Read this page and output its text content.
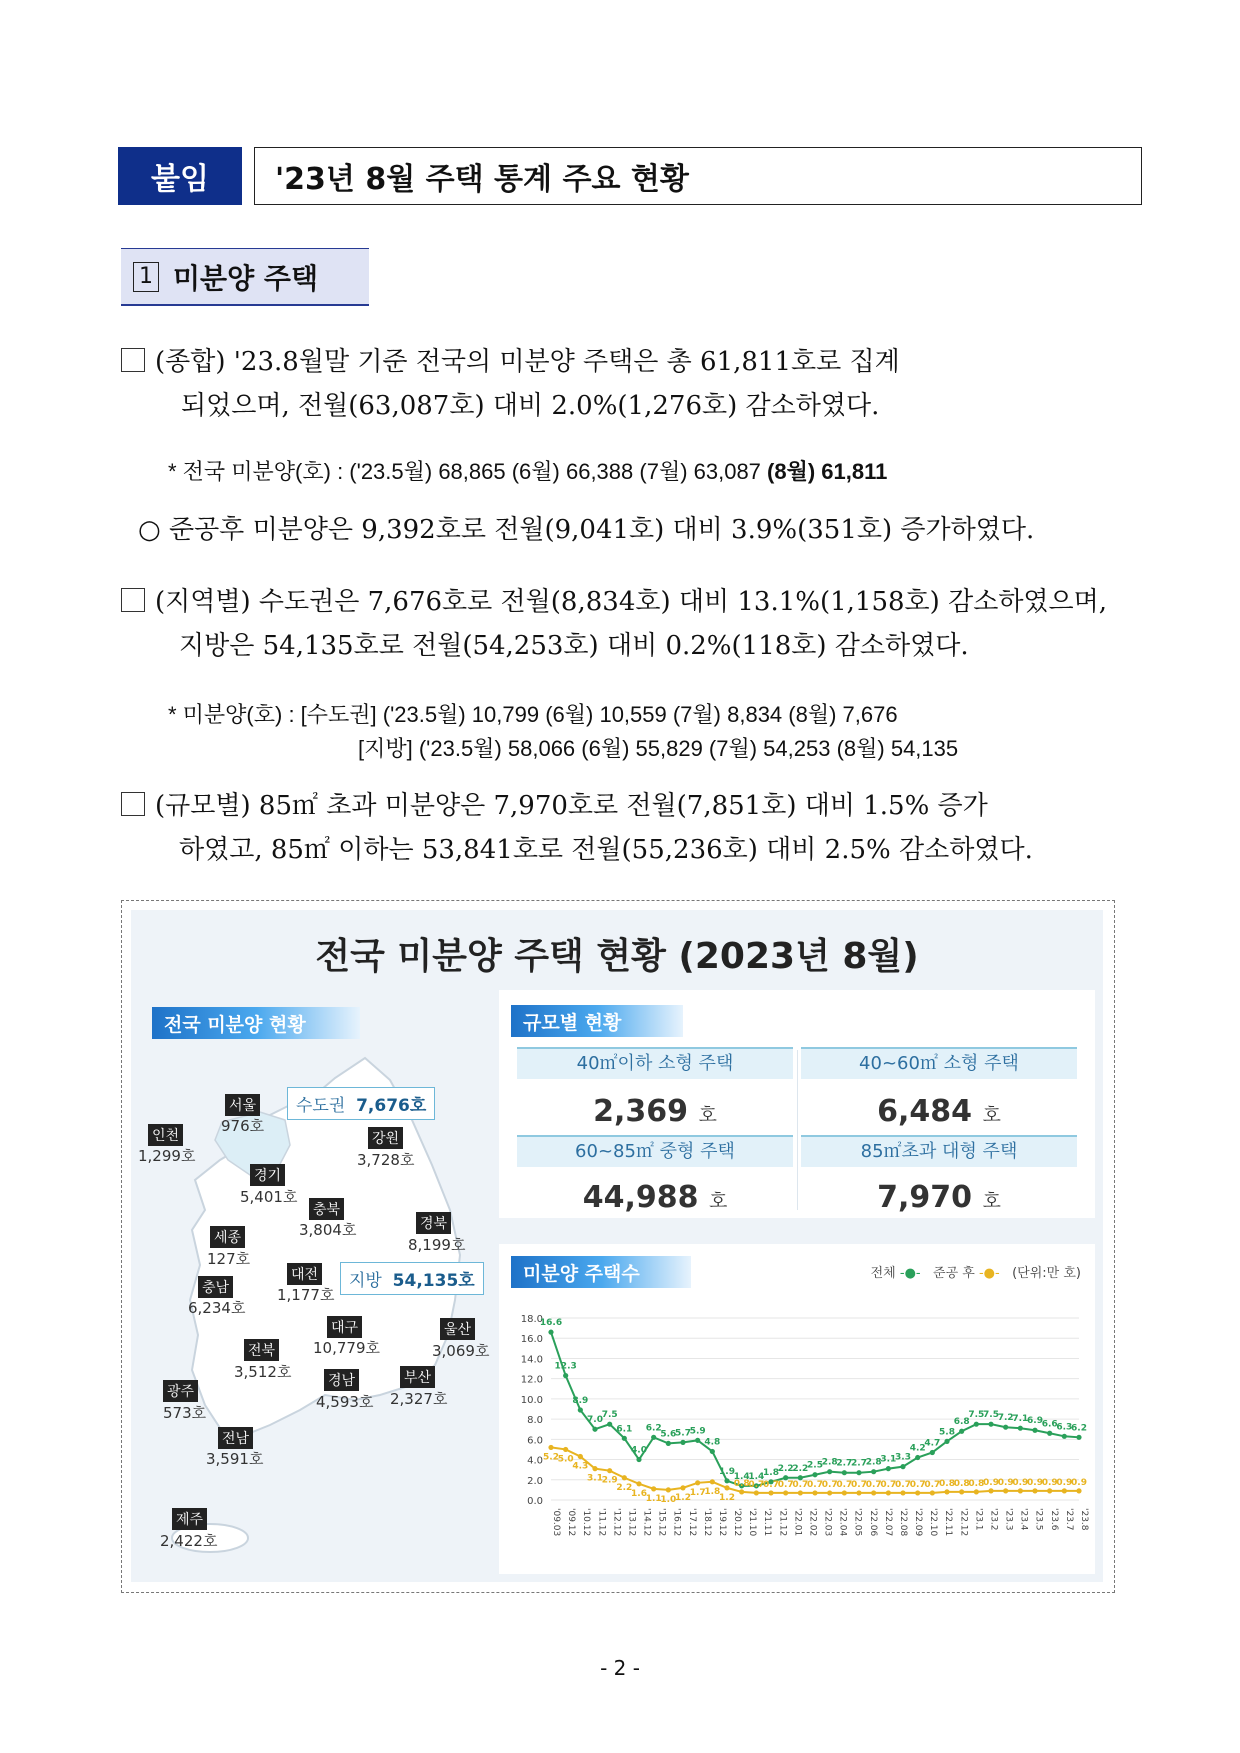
붙임	'23년 8월 주택 통계 주요 현황
1 미분양 주택
(종합) '23.8월말 기준 전국의 미분양 주택은 총 61,811호로 집계
되었으며, 전월(63,087호) 대비 2.0%(1,276호) 감소하였다.
* 전국 미분양(호) : ('23.5월) 68,865 (6월) 66,388 (7월) 63,087 (8월) 61,811
○ 준공후 미분양은 9,392호로 전월(9,041호) 대비 3.9%(351호) 증가하였다.
(지역별) 수도권은 7,676호로 전월(8,834호) 대비 13.1%(1,158호) 감소하였으며,
지방은 54,135호로 전월(54,253호) 대비 0.2%(118호) 감소하였다.
* 미분양(호) : [수도권] ('23.5월) 10,799 (6월) 10,559 (7월) 8,834 (8월) 7,676
[지방] ('23.5월) 58,066 (6월) 55,829 (7월) 54,253 (8월) 54,135
(규모별) 85㎡ 초과 미분양은 7,970호로 전월(7,851호) 대비 1.5% 증가
하였고, 85㎡ 이하는 53,841호로 전월(55,236호) 대비 2.5% 감소하였다.
전국 미분양 주택 현황 (2023년 8월)
전국 미분양 현황
수도권 7,676호
지방 54,135호
서울
976호
인천
1,299호
강원
3,728호
경기
5,401호
충북
3,804호	경북
8,199호
세종
127호
대전
1,177호
충남
6,234호
대구
10,779호
울산
3,069호
전북
3,512호	경남
4,593호
부산
2,327호
광주
573호
전남
3,591호
제주
2,422호
규모별 현황
40㎡이하 소형 주택	40~60㎡ 소형 주택
2,369 호	6,484 호
60~85㎡ 중형 주택	85㎡초과 대형 주택
44,988 호	7,970 호
미분양 주택수	전체 -●- 준공 후 -●- (단위:만 호)
0.0
2.0
4.0
6.0
8.0
10.0
12.0
14.0
16.0
18.0
'09.03 '09.12 '10.12 '11.12 '12.12 '13.12 '14.12 '15.12 '16.12 '17.12 '18.12 '19.12 '20.12 '21.10 '21.11 '21.12 '22.01 '22.02 '22.03 '22.04 '22.05 '22.06 '22.07 '22.08 '22.09 '22.10 '22.11 '22.12 '23.1 '23.2 '23.3 '23.4 '23.5 '23.6 '23.7 '23.8
16.6
12.3
8.9
7.0
7.5
6.1
4.0
6.2
5.6
5.7
5.9
4.8
1.9
1.4
1.4
1.8
2.2
2.2
2.5
2.8
2.7
2.7
2.8
3.1
3.3
4.2
4.7
5.8
6.8
7.5
7.5
7.2
7.1
6.9
6.6
6.3
6.2
5.2
5.0
4.3
3.1
2.9
2.2
1.6
1.1
1.0
1.2
1.7
1.8
1.2
0.8
0.7
0.7
0.7
0.7
0.7
0.7
0.7
0.7
0.7
0.7
0.7
0.7
0.7
0.8
0.8
0.8
0.9
0.9
0.9
0.9
0.9
0.9
0.9
- 2 -
